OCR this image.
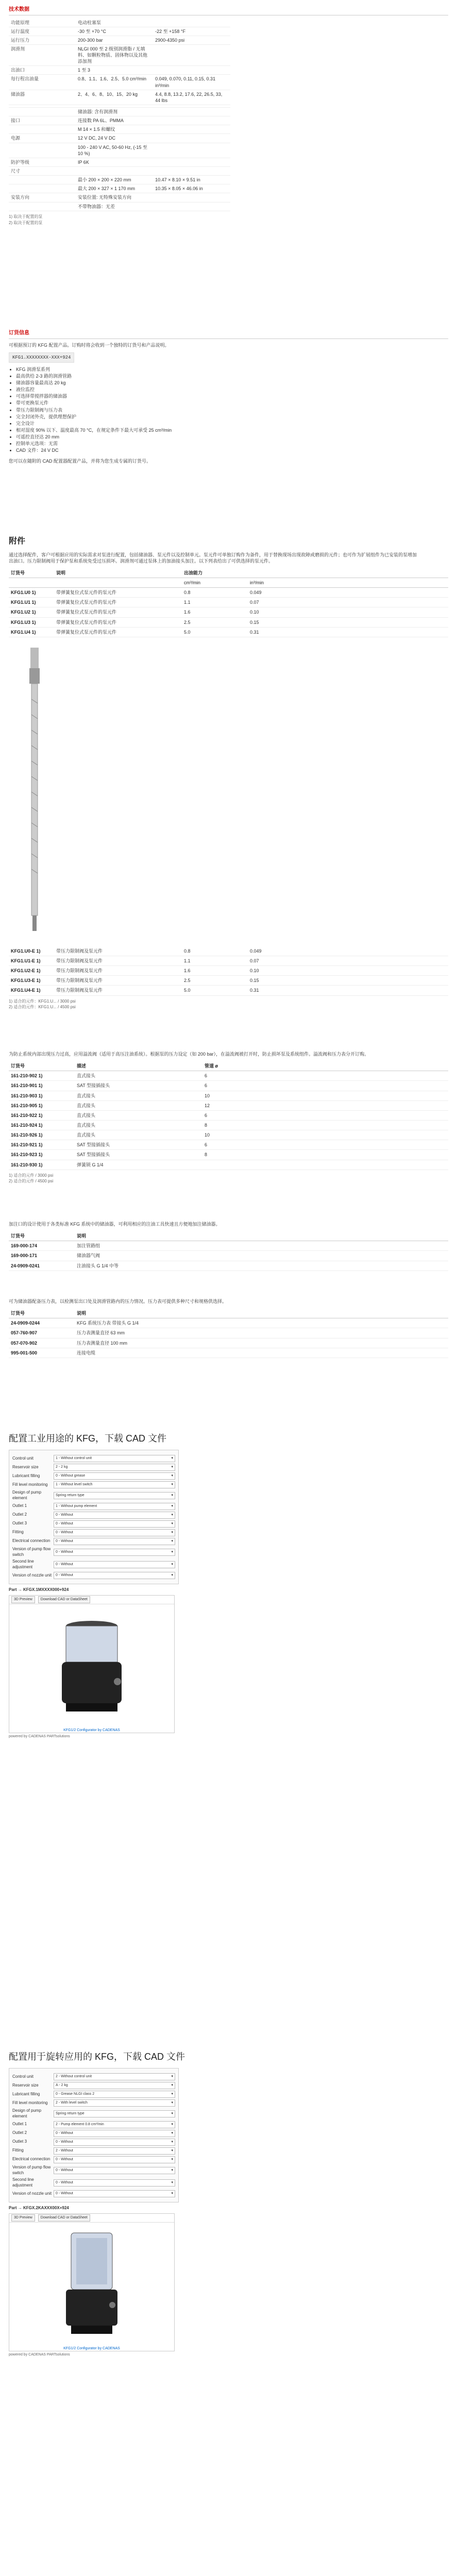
技术数据
功能原理	电动柱塞泵	
运行温度	-30 至 +70 °C	-22 至 +158 °F
运行压力	200-300 bar	2900-4350 psi
润滑剂	NLGI 000 至 2 级别润滑脂 / 无填料、如颗粒物质、固体物以及其他添加剂	
出油口	1 至 3	
每行程出油量	0.8、1.1、1.6、2.5、5.0 cm³/min	0.049, 0.070, 0.11, 0.15, 0.31 in³/min
储油器	2、4、6、8、10、15、20 kg	4.4, 8.8, 13.2, 17.6, 22, 26.5, 33, 44 lbs

	储油器: 含有润滑剂	
接口	连接数 PA 6L、PMMA	
	M 14 × 1.5 和螺纹	
电源	12 V DC, 24 V DC	
	100 - 240 V AC, 50-60 Hz, (-15 至 10 %)	
防护等级	IP 6K	
尺寸		
	最小 200 × 200 × 220 mm	10.47 × 8.10 × 9.51 in
	最大 200 × 327 × 1 170 mm	10.35 × 8.05 × 46.06 in
安装方向	安装位置: 无特殊安装方向	
	不带物油器：无差	
1) 取决于配置的泵
2) 取决于配置的泵
订货信息

可根据预订的 KFG 配置产品。订购时将会收到一个独特的订货号和产品说明。

KFG1.XXXXXXXX-XXX+924
• KFG 润滑泵系列
• 最高供给 2-3 路的润滑管路
• 储油器容量最高达 20 kg
• 液位监控
• 可选择带搅拌器的储油器
• 带可更换泵元件
• 带压力限制阀与压力表
• 完全封闭外壳，提供理想保护
• 完全设计
• 相对湿度 90% 以下、温度最高 70 °C，在规定条件下最大可承受 25 cm³/min
• 可遥控直径达 20 mm
• 控制单元选项：无需
• CAD 文件：24 V DC

您可以在随附的 CAD 配置器配置产品，并将为您生成专属的订货号。

附件

通过选择配件，客户可根据应用的实际需求对泵进行配置，包括储油器、泵元件以及控制单元。泵元件可单独订购作为备件，用于替换现场出现故障或磨损的元件；也可作为扩展组件为已安装的泵增加出油口。压力限制阀用于保护泵和系统免受过压损坏。润滑剂可通过泵体上的加油接头加注。以下列表给出了可供选择的泵元件。

订货号	说明	出油能力	
		cm³/min	in³/min
KFG1.U0 1)	带弹簧复位式泵元件的泵元件	0.8	0.049
KFG1.U1 1)	带弹簧复位式泵元件的泵元件	1.1	0.07
KFG1.U2 1)	带弹簧复位式泵元件的泵元件	1.6	0.10
KFG1.U3 1)	带弹簧复位式泵元件的泵元件	2.5	0.15
KFG1.U4 1)	带弹簧复位式泵元件的泵元件	5.0	0.31
KFG1.U0-E 1)	带压力限制阀及泵元件	0.8	0.049
KFG1.U1-E 1)	带压力限制阀及泵元件	1.1	0.07
KFG1.U2-E 1)	带压力限制阀及泵元件	1.6	0.10
KFG1.U3-E 1)	带压力限制阀及泵元件	2.5	0.15
KFG1.U4-E 1)	带压力限制阀及泵元件	5.0	0.31
1) 适合的元件：KFG1.U... / 3000 psi
2) 适合的元件：KFG1.U... / 4500 psi

为防止系统内部出现压力过高，应用溢流阀（适用于高压注油系统）。根据泵的压力设定（如 200 bar），在溢流阀被打开时，防止损坏泵及系统组件。溢流阀和压力表分开订购。

订货号	描述	管道 ø	
161-210-902 1)	直式接头	6	
161-210-901 1)	SAT 型接插接头	6	
161-210-903 1)	直式接头	10	
161-210-905 1)	直式接头	12	
161-210-922 1)	直式接头	6	
161-210-924 1)	直式接头	8	
161-210-926 1)	直式接头	10	
161-210-921 1)	SAT 型接插接头	6	
161-210-923 1)	SAT 型接插接头	8	
161-210-930 1)	弹簧锁 G 1/4		
1) 适合的元件 / 3000 psi
2) 适合的元件 / 4500 psi

加注口的设计使用于各类标准 KFG 系统中的储油器，可利用相应的注油工具快速且方便地加注储油器。

订货号	说明
169-000-174	加注管路组
169-000-171	储油器气阀
24-0909-0241	注油接头 G 1/4 中等

可为储油器配备压力表，以检测泵出口处及润滑管路内的压力情况。压力表可提供多种尺寸和规格供选择。

订货号	说明
24-0909-0244	KFG 系统压力表 带接头 G 1/4
057-760-907	压力表测量直径 63 mm
057-070-902	压力表测量直径 100 mm
995-001-500	连接电缆
配置工业用途的 KFG，下载 CAD 文件
Control unit	1 - Without control unit	▾
Reservoir size	2 - 2 kg	▾
Lubricant filling	0 - Without grease	▾
Fill level monitoring	1 - Without level switch	▾
Design of pump element
Spring return type	▾
Outlet 1	1 - Without pump element	▾
Outlet 2	0 - Without	▾
Outlet 3	0 - Without	▾
Fitting	0 - Without	▾
Electrical connection	0 - Without	▾
Version of pump flow switch
0 - Without	▾
Second line adjustment
0 - Without	▾
Version of nozzle unit	0 - Without	▾
Part → KFGX.1MXXXX000+924
3D Preview	Download CAD or DataSheet
KFG1/2 Configurator by CADENAS
powered by CADENAS PARTsolutions
配置用于旋转应用的 KFG，下载 CAD 文件
Control unit	2 - Without control unit	▾
Reservoir size	A - 2 kg	▾
Lubricant filling	0 - Grease NLGI class 2	▾
Fill level monitoring	2 - With level switch	▾
Design of pump element
Spring return type	▾
Outlet 1	2 - Pump element 0.8 cm³/min	▾
Outlet 2	0 - Without	▾
Outlet 3	0 - Without	▾
Fitting	2 - Without	▾
Electrical connection	0 - Without	▾
Version of pump flow switch
0 - Without	▾
Second line adjustment
0 - Without	▾
Version of nozzle unit	0 - Without	▾
Part → KFGX.2KAXXX00X+924
3D Preview	Download CAD or DataSheet
KFG1/2 Configurator by CADENAS
powered by CADENAS PARTsolutions
